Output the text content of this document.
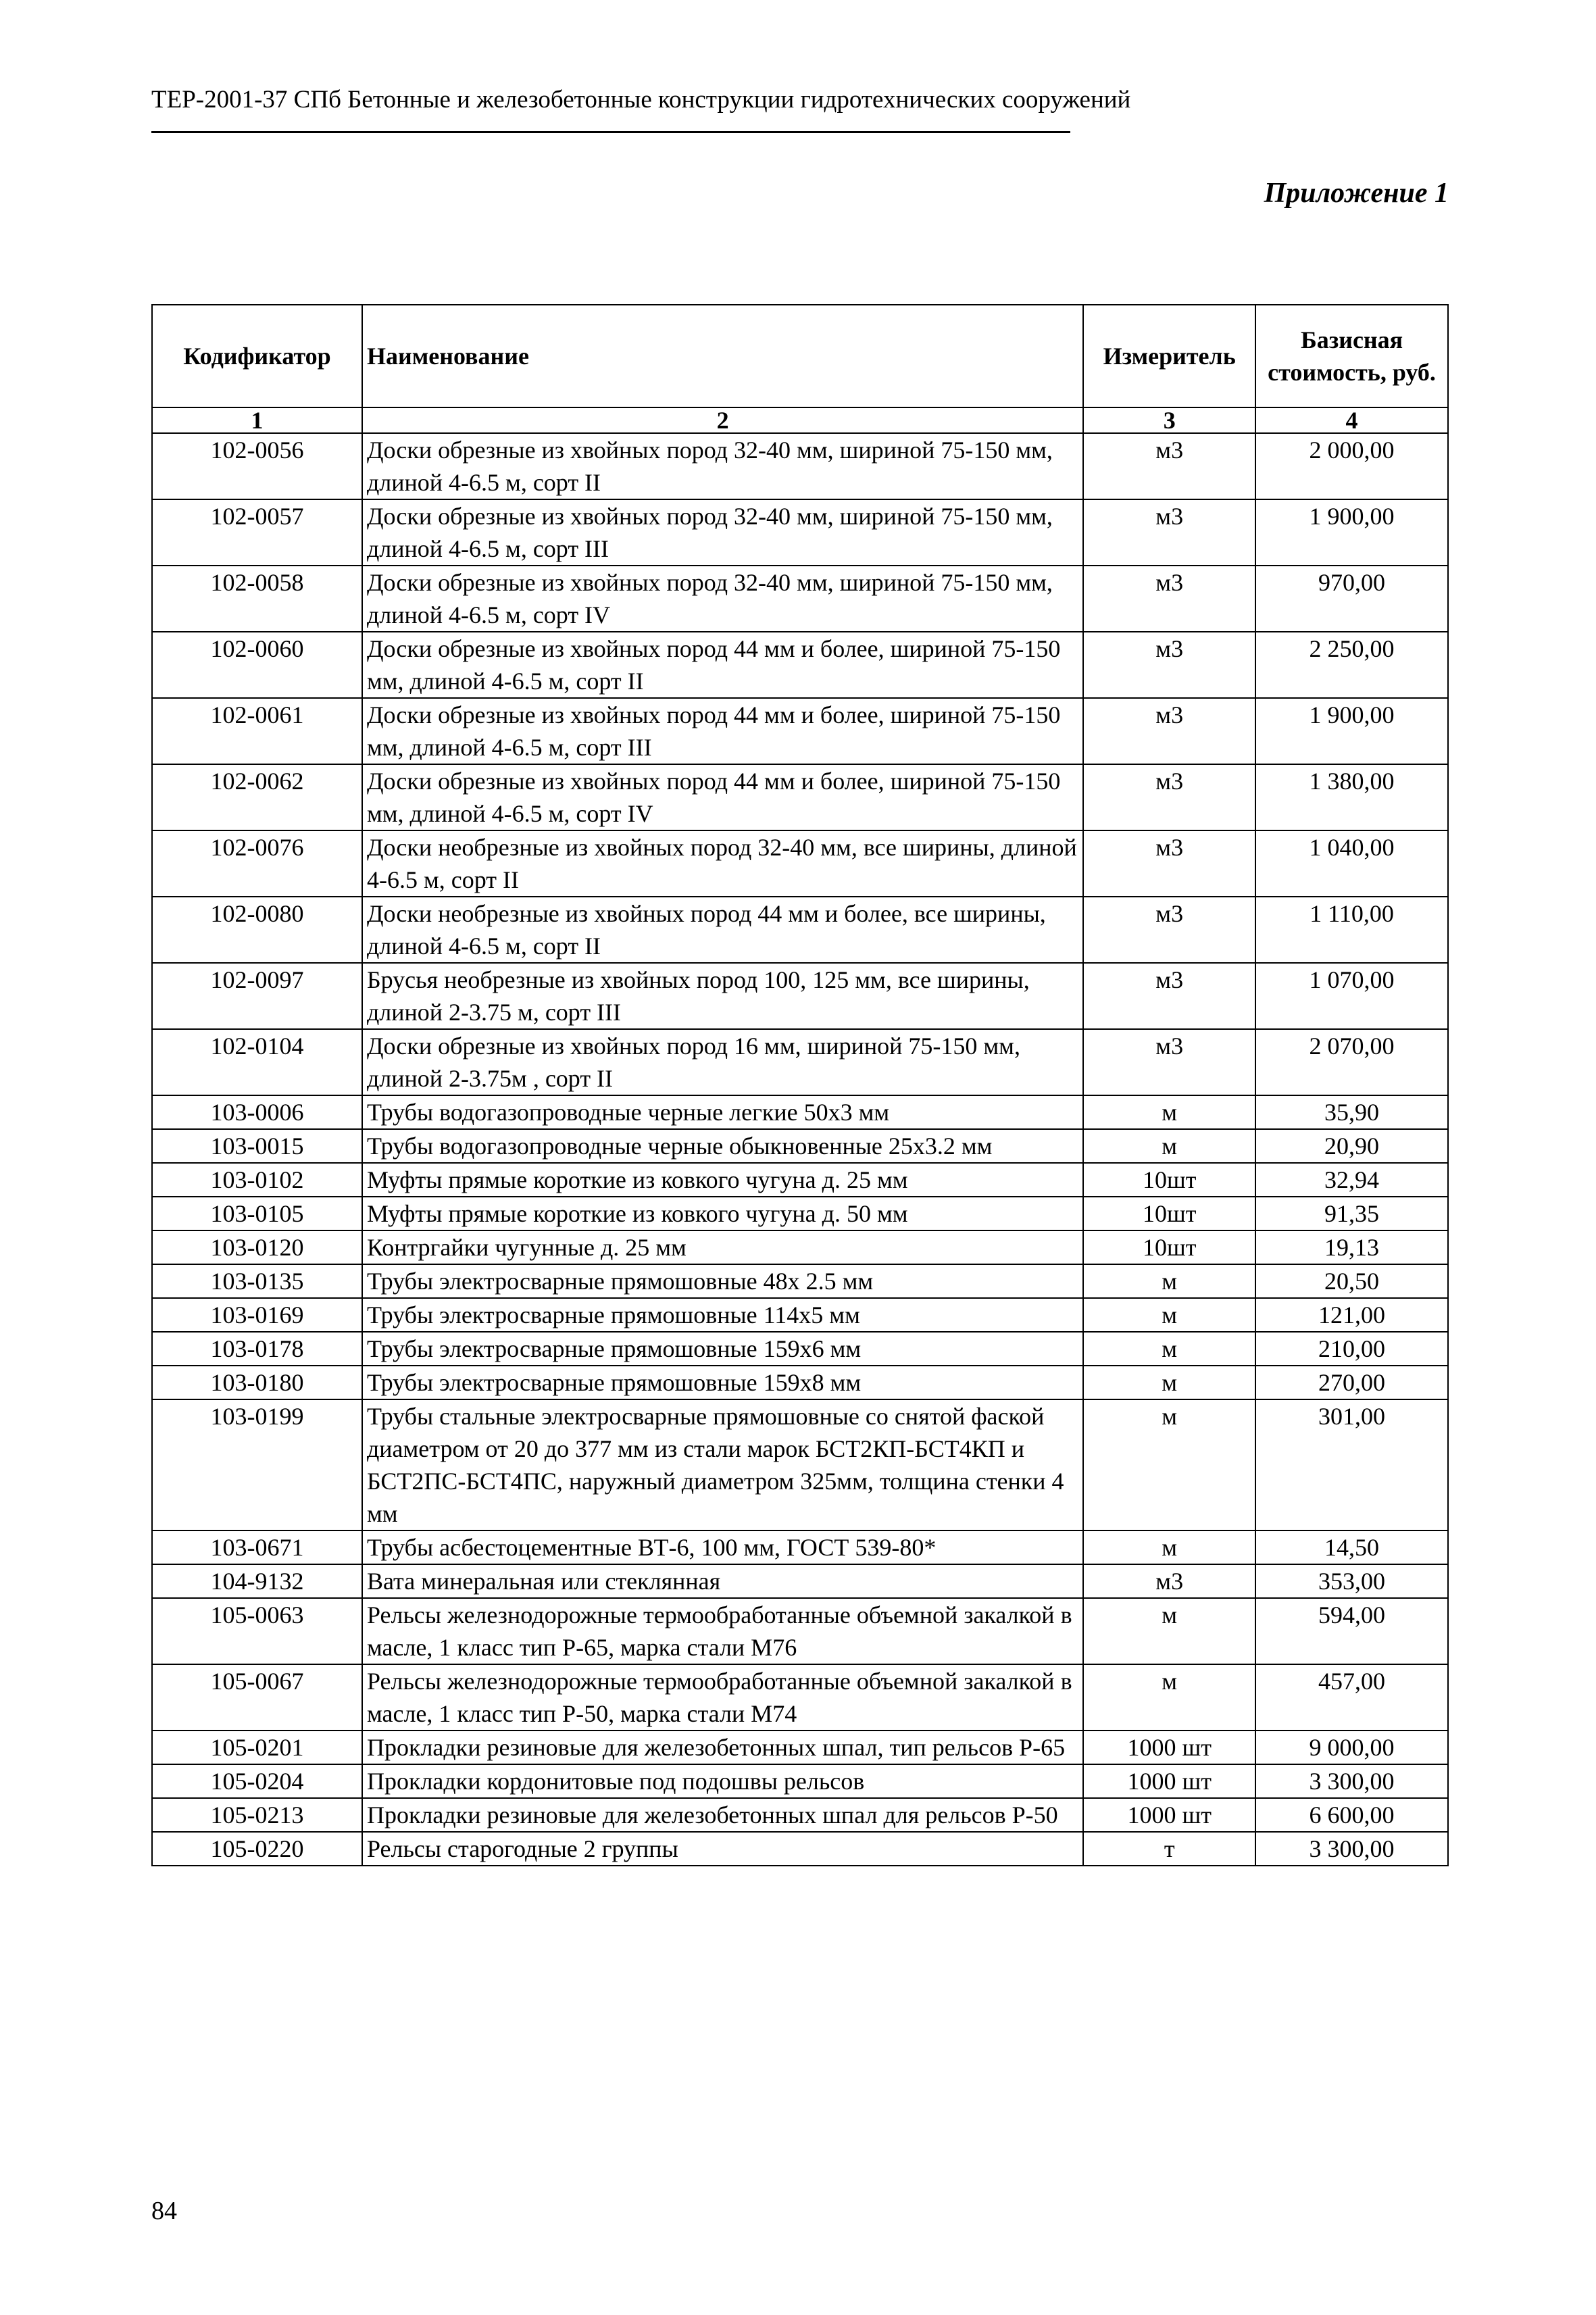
ТЕР-2001-37 СПб Бетонные и железобетонные конструкции гидротехнических сооружений
Приложение 1
Кодификатор	Наименование	Измеритель	Базисная стоимость, руб.
1	2	3	4
102-0056	Доски обрезные из хвойных пород 32-40 мм, шириной 75-150 мм, длиной 4-6.5 м, сорт II	м3	2 000,00
102-0057	Доски обрезные из хвойных пород 32-40 мм, шириной 75-150 мм, длиной 4-6.5 м, сорт III	м3	1 900,00
102-0058	Доски обрезные из хвойных пород 32-40 мм, шириной 75-150 мм, длиной 4-6.5 м, сорт IV	м3	970,00
102-0060	Доски обрезные из хвойных пород 44 мм и более, шириной 75-150 мм, длиной 4-6.5 м, сорт II	м3	2 250,00
102-0061	Доски обрезные из хвойных пород 44 мм и более, шириной 75-150 мм, длиной 4-6.5 м, сорт III	м3	1 900,00
102-0062	Доски обрезные из хвойных пород 44 мм и более, шириной 75-150 мм, длиной 4-6.5 м, сорт IV	м3	1 380,00
102-0076	Доски необрезные из хвойных пород 32-40 мм, все ширины, длиной 4-6.5 м, сорт II	м3	1 040,00
102-0080	Доски необрезные из хвойных пород 44 мм и более, все ширины, длиной 4-6.5 м, сорт II	м3	1 110,00
102-0097	Брусья необрезные из хвойных пород 100, 125 мм, все ширины, длиной 2-3.75 м, сорт III	м3	1 070,00
102-0104	Доски обрезные из хвойных пород 16 мм, шириной 75-150 мм, длиной 2-3.75м , сорт II	м3	2 070,00
103-0006	Трубы водогазопроводные черные легкие 50х3 мм	м	35,90
103-0015	Трубы водогазопроводные черные обыкновенные 25х3.2 мм	м	20,90
103-0102	Муфты прямые короткие из ковкого чугуна д. 25 мм	10шт	32,94
103-0105	Муфты прямые короткие из ковкого чугуна д. 50 мм	10шт	91,35
103-0120	Контргайки чугунные д. 25 мм	10шт	19,13
103-0135	Трубы электросварные прямошовные 48х 2.5 мм	м	20,50
103-0169	Трубы электросварные прямошовные 114х5 мм	м	121,00
103-0178	Трубы электросварные прямошовные 159х6 мм	м	210,00
103-0180	Трубы электросварные прямошовные 159х8 мм	м	270,00
103-0199	Трубы стальные электросварные прямошовные со снятой фаской диаметром от 20 до 377 мм из стали марок БСТ2КП-БСТ4КП и БСТ2ПС-БСТ4ПС, наружный диаметром 325мм, толщина стенки 4 мм	м	301,00
103-0671	Трубы асбестоцементные ВТ-6, 100 мм, ГОСТ 539-80*	м	14,50
104-9132	Вата минеральная или стеклянная	м3	353,00
105-0063	Рельсы железнодорожные термообработанные объемной закалкой в масле, 1 класс тип Р-65, марка стали М76	м	594,00
105-0067	Рельсы железнодорожные термообработанные объемной закалкой в масле, 1 класс тип Р-50, марка стали М74	м	457,00
105-0201	Прокладки резиновые для железобетонных шпал, тип рельсов Р-65	1000 шт	9 000,00
105-0204	Прокладки кордонитовые под подошвы рельсов	1000 шт	3 300,00
105-0213	Прокладки резиновые для железобетонных шпал для рельсов Р-50	1000 шт	6 600,00
105-0220	Рельсы старогодные 2 группы	т	3 300,00
84
